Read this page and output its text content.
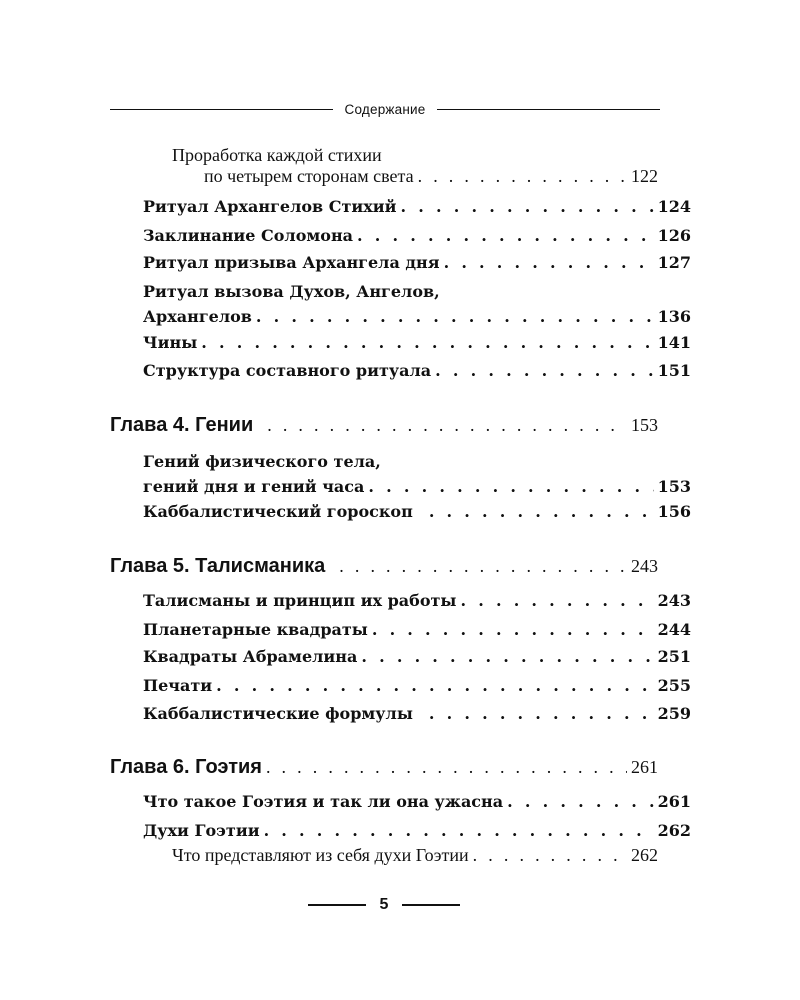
Содержание
Проработка каждой стихии
по четырем сторонам света . . .	122
Ритуал Архангелов Стихий . . .	124
Заклинание Соломона . . .	126
Ритуал призыва Архангела дня . . .	127
Ритуал вызова Духов, Ангелов,
Архангелов . . .	136
Чины . . .	141
Структура составного ритуала . . .	151
Глава 4. Гении . . .	153
Гений физического тела,
гений дня и гений часа . . .	153
Каббалистический гороскоп . . .	156
Глава 5. Талисманика . . .	243
Талисманы и принцип их работы . . .	243
Планетарные квадраты . . .	244
Квадраты Абрамелина . . .	251
Печати . . .	255
Каббалистические формулы . . .	259
Глава 6. Гоэтия . . .	261
Что такое Гоэтия и так ли она ужасна . . .	261
Духи Гоэтии . . .	262
Что представляют из себя духи Гоэтии . . .	262
5
